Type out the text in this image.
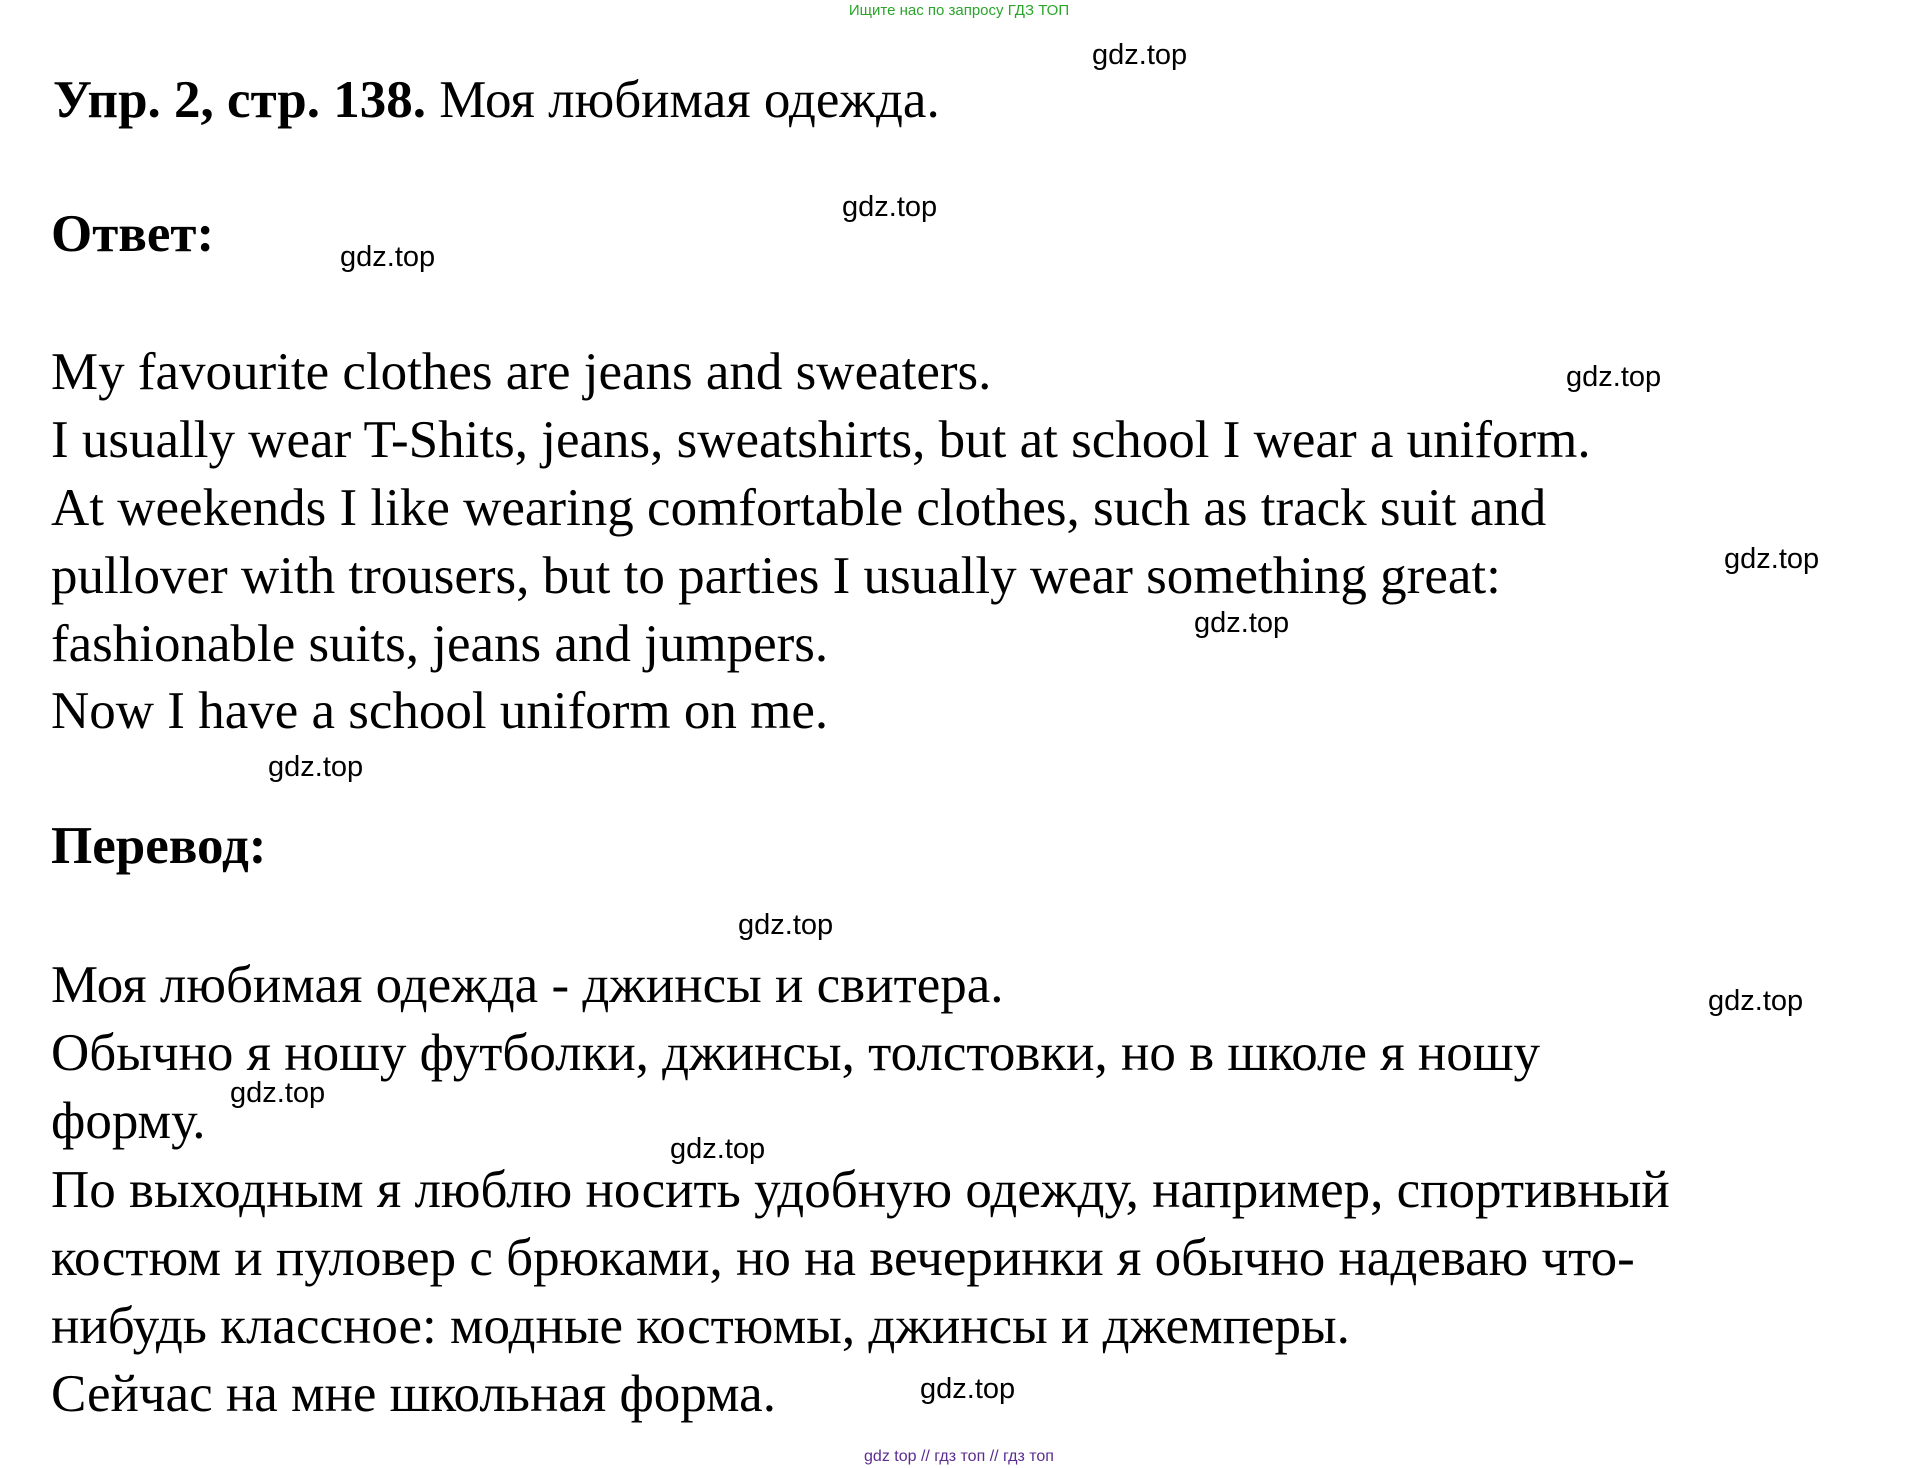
Ищите нас по запросу ГДЗ ТОП
Упр. 2, стр. 138. Моя любимая одежда.
Ответ:
My favourite clothes are jeans and sweaters.
I usually wear T-Shits, jeans, sweatshirts, but at school I wear a uniform.
At weekends I like wearing comfortable clothes, such as track suit and
pullover with trousers, but to parties I usually wear something great:
fashionable suits, jeans and jumpers.
Now I have a school uniform on me.
Перевод:
Моя любимая одежда - джинсы и свитера.
Обычно я ношу футболки, джинсы, толстовки, но в школе я ношу
форму.
По выходным я люблю носить удобную одежду, например, спортивный
костюм и пуловер с брюками, но на вечеринки я обычно надеваю что-
нибудь классное: модные костюмы, джинсы и джемперы.
Сейчас на мне школьная форма.
gdz.top
gdz.top
gdz.top
gdz.top
gdz.top
gdz.top
gdz.top
gdz.top
gdz.top
gdz.top
gdz.top
gdz.top
gdz top // гдз топ // гдз топ
